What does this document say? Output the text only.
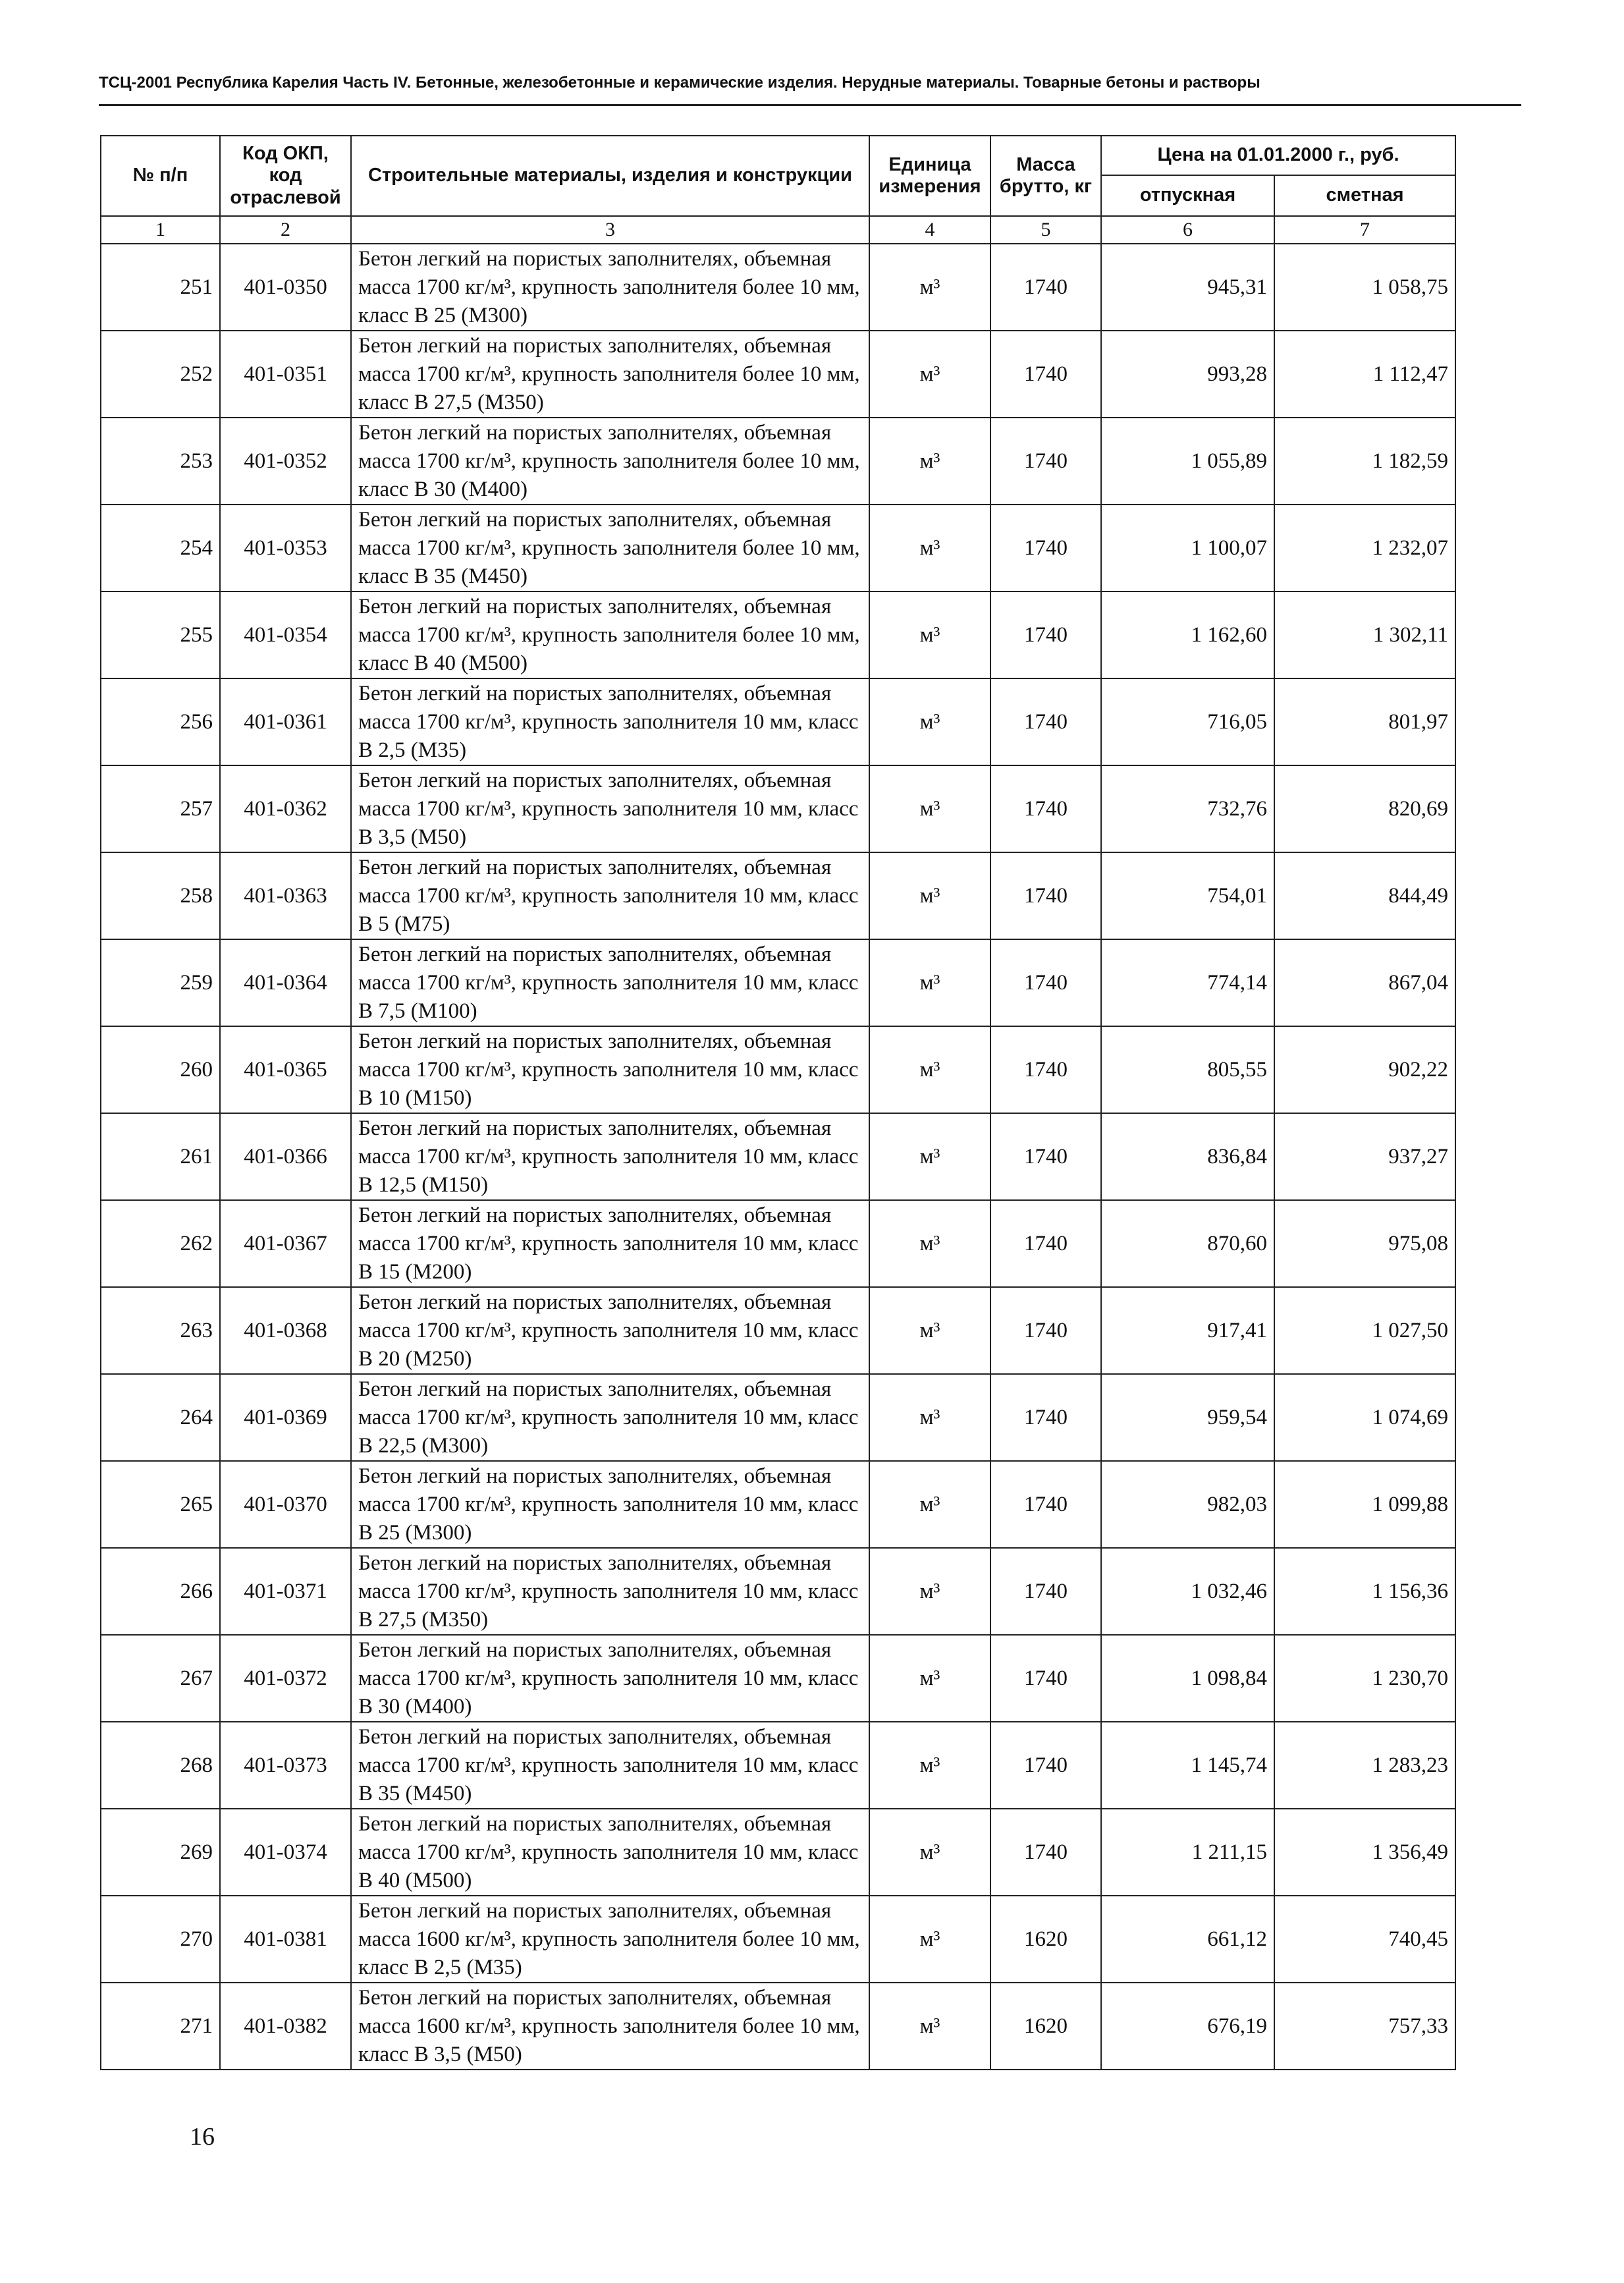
ТСЦ-2001 Республика Карелия Часть IV. Бетонные, железобетонные и керамические изделия. Нерудные материалы. Товарные бетоны и растворы
№ п/п	Код ОКП, код отраслевой	Строительные материалы, изделия и конструкции	Единица измерения	Масса брутто, кг	Цена на 01.01.2000 г., руб.	
					отпускная	сметная
1	2	3	4	5	6	7
251	401-0350	Бетон легкий на пористых заполнителях, объемная масса 1700 кг/м³, крупность заполнителя более 10 мм, класс В 25 (М300)	м³	1740	945,31	1 058,75
252	401-0351	Бетон легкий на пористых заполнителях, объемная масса 1700 кг/м³, крупность заполнителя более 10 мм, класс В 27,5 (М350)	м³	1740	993,28	1 112,47
253	401-0352	Бетон легкий на пористых заполнителях, объемная масса 1700 кг/м³, крупность заполнителя более 10 мм, класс В 30 (М400)	м³	1740	1 055,89	1 182,59
254	401-0353	Бетон легкий на пористых заполнителях, объемная масса 1700 кг/м³, крупность заполнителя более 10 мм, класс В 35 (М450)	м³	1740	1 100,07	1 232,07
255	401-0354	Бетон легкий на пористых заполнителях, объемная масса 1700 кг/м³, крупность заполнителя более 10 мм, класс В 40 (М500)	м³	1740	1 162,60	1 302,11
256	401-0361	Бетон легкий на пористых заполнителях, объемная масса 1700 кг/м³, крупность заполнителя 10 мм, класс В 2,5 (М35)	м³	1740	716,05	801,97
257	401-0362	Бетон легкий на пористых заполнителях, объемная масса 1700 кг/м³, крупность заполнителя 10 мм, класс В 3,5 (М50)	м³	1740	732,76	820,69
258	401-0363	Бетон легкий на пористых заполнителях, объемная масса 1700 кг/м³, крупность заполнителя 10 мм, класс В 5 (М75)	м³	1740	754,01	844,49
259	401-0364	Бетон легкий на пористых заполнителях, объемная масса 1700 кг/м³, крупность заполнителя 10 мм, класс В 7,5 (М100)	м³	1740	774,14	867,04
260	401-0365	Бетон легкий на пористых заполнителях, объемная масса 1700 кг/м³, крупность заполнителя 10 мм, класс В 10 (М150)	м³	1740	805,55	902,22
261	401-0366	Бетон легкий на пористых заполнителях, объемная масса 1700 кг/м³, крупность заполнителя 10 мм, класс В 12,5 (М150)	м³	1740	836,84	937,27
262	401-0367	Бетон легкий на пористых заполнителях, объемная масса 1700 кг/м³, крупность заполнителя 10 мм, класс В 15 (М200)	м³	1740	870,60	975,08
263	401-0368	Бетон легкий на пористых заполнителях, объемная масса 1700 кг/м³, крупность заполнителя 10 мм, класс В 20 (М250)	м³	1740	917,41	1 027,50
264	401-0369	Бетон легкий на пористых заполнителях, объемная масса 1700 кг/м³, крупность заполнителя 10 мм, класс В 22,5 (М300)	м³	1740	959,54	1 074,69
265	401-0370	Бетон легкий на пористых заполнителях, объемная масса 1700 кг/м³, крупность заполнителя 10 мм, класс В 25 (М300)	м³	1740	982,03	1 099,88
266	401-0371	Бетон легкий на пористых заполнителях, объемная масса 1700 кг/м³, крупность заполнителя 10 мм, класс В 27,5 (М350)	м³	1740	1 032,46	1 156,36
267	401-0372	Бетон легкий на пористых заполнителях, объемная масса 1700 кг/м³, крупность заполнителя 10 мм, класс В 30 (М400)	м³	1740	1 098,84	1 230,70
268	401-0373	Бетон легкий на пористых заполнителях, объемная масса 1700 кг/м³, крупность заполнителя 10 мм, класс В 35 (М450)	м³	1740	1 145,74	1 283,23
269	401-0374	Бетон легкий на пористых заполнителях, объемная масса 1700 кг/м³, крупность заполнителя 10 мм, класс В 40 (М500)	м³	1740	1 211,15	1 356,49
270	401-0381	Бетон легкий на пористых заполнителях, объемная масса 1600 кг/м³, крупность заполнителя более 10 мм, класс В 2,5 (М35)	м³	1620	661,12	740,45
271	401-0382	Бетон легкий на пористых заполнителях, объемная масса 1600 кг/м³, крупность заполнителя более 10 мм, класс В 3,5 (М50)	м³	1620	676,19	757,33
16
